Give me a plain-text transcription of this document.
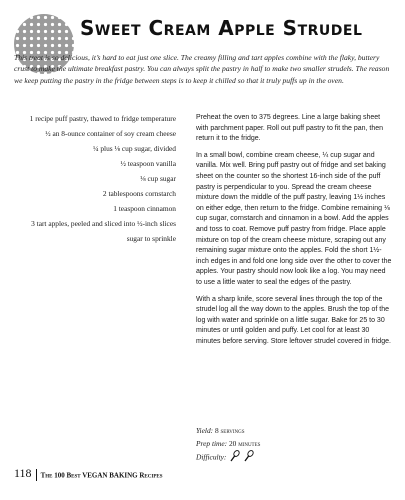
Sweet Cream Apple Strudel
This treat is so delicious, it’s hard to eat just one slice. The creamy filling and tart apples combine with the flaky, buttery crust to make the ultimate breakfast pastry. You can always split the pastry in half to make two smaller strudels. The reason we keep putting the pastry in the fridge between steps is to keep it chilled so that it truly puffs up in the oven.
1 recipe puff pastry, thawed to fridge temperature
½ an 8-ounce container of soy cream cheese
¼ plus ⅛ cup sugar, divided
½ teaspoon vanilla
⅛ cup sugar
2 tablespoons cornstarch
1 teaspoon cinnamon
3 tart apples, peeled and sliced into ½-inch slices
sugar to sprinkle

Preheat the oven to 375 degrees. Line a large baking sheet with parchment paper. Roll out puff pastry to fit the pan, then return it to the fridge.

In a small bowl, combine cream cheese, ¼ cup sugar and vanilla. Mix well. Bring puff pastry out of fridge and set baking sheet on the counter so the shortest 16-inch side of the puff pastry is perpendicular to you. Spread the cream cheese mixture down the middle of the puff pastry, leaving 1½ inches on either edge, then return to the fridge. Combine remaining ⅛ cup sugar, cornstarch and cinnamon in a bowl. Add the apples and toss to coat. Remove puff pastry from fridge. Place apple mixture on top of the cream cheese mixture, scraping out any remaining sugar mixture onto the apples. Fold the short 1½-inch edges in and fold one long side over the other to cover the apples. Your pastry should now look like a log. You may need to use a little water to seal the edges of the pastry.

With a sharp knife, score several lines through the top of the strudel log all the way down to the apples. Brush the top of the log with water and sprinkle on a little sugar. Bake for 25 to 30 minutes or until golden and puffy. Let cool for at least 30 minutes before serving. Store leftover strudel covered in fridge.

Yield: 8 servings
Prep time: 20 minutes
Difficulty:
118 The 100 Best VEGAN BAKING Recipes
